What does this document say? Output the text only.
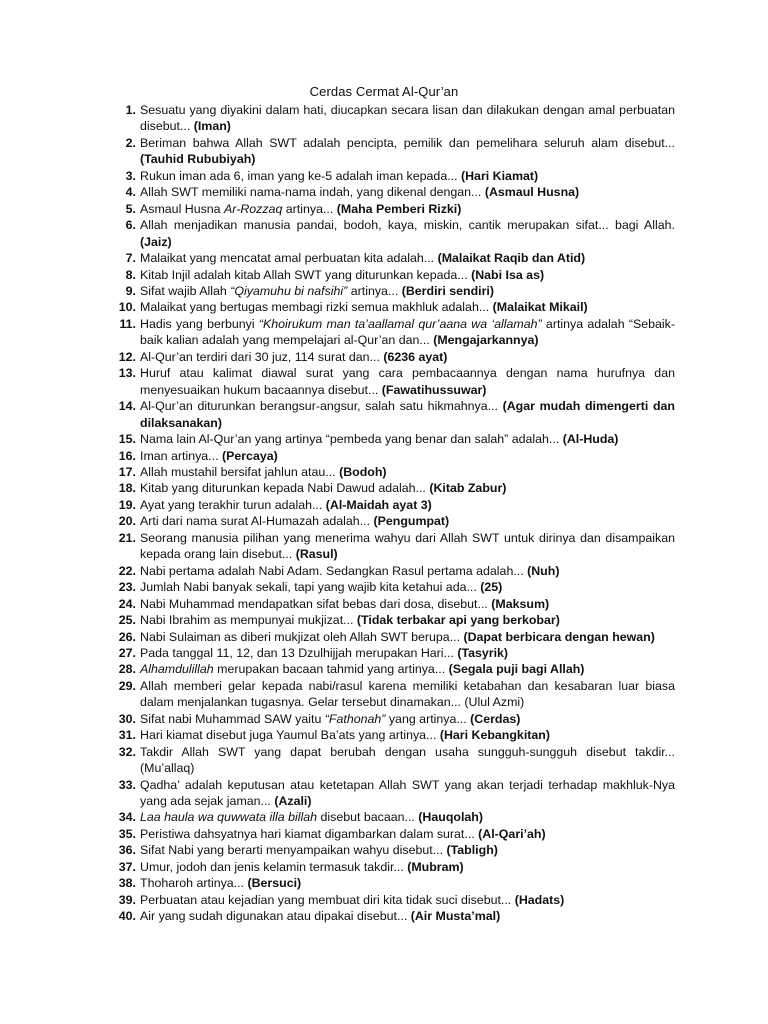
Cerdas Cermat Al-Qur’an
1. Sesuatu yang diyakini dalam hati, diucapkan secara lisan dan dilakukan dengan amal perbuatan disebut... (Iman)
2. Beriman bahwa Allah SWT adalah pencipta, pemilik dan pemelihara seluruh alam disebut... (Tauhid Rububiyah)
3. Rukun iman ada 6, iman yang ke-5 adalah iman kepada... (Hari Kiamat)
4. Allah SWT memiliki nama-nama indah, yang dikenal dengan... (Asmaul Husna)
5. Asmaul Husna Ar-Rozzaq artinya... (Maha Pemberi Rizki)
6. Allah menjadikan manusia pandai, bodoh, kaya, miskin, cantik merupakan sifat... bagi Allah. (Jaiz)
7. Malaikat yang mencatat amal perbuatan kita adalah... (Malaikat Raqib dan Atid)
8. Kitab Injil adalah kitab Allah SWT yang diturunkan kepada... (Nabi Isa as)
9. Sifat wajib Allah “Qiyamuhu bi nafsihi” artinya... (Berdiri sendiri)
10. Malaikat yang bertugas membagi rizki semua makhluk adalah... (Malaikat Mikail)
11. Hadis yang berbunyi “Khoirukum man ta’aallamal qur’aana wa ‘allamah” artinya adalah “Sebaik-baik kalian adalah yang mempelajari al-Qur’an dan... (Mengajarkannya)
12. Al-Qur’an terdiri dari 30 juz, 114 surat dan... (6236 ayat)
13. Huruf atau kalimat diawal surat yang cara pembacaannya dengan nama hurufnya dan menyesuaikan hukum bacaannya disebut... (Fawatihussuwar)
14. Al-Qur’an diturunkan berangsur-angsur, salah satu hikmahnya... (Agar mudah dimengerti dan dilaksanakan)
15. Nama lain Al-Qur’an yang artinya “pembeda yang benar dan salah” adalah... (Al-Huda)
16. Iman artinya... (Percaya)
17. Allah mustahil bersifat jahlun atau... (Bodoh)
18. Kitab yang diturunkan kepada Nabi Dawud adalah... (Kitab Zabur)
19. Ayat yang terakhir turun adalah... (Al-Maidah ayat 3)
20. Arti dari nama surat Al-Humazah adalah... (Pengumpat)
21. Seorang manusia pilihan yang menerima wahyu dari Allah SWT untuk dirinya dan disampaikan kepada orang lain disebut... (Rasul)
22. Nabi pertama adalah Nabi Adam. Sedangkan Rasul pertama adalah... (Nuh)
23. Jumlah Nabi banyak sekali, tapi yang wajib kita ketahui ada... (25)
24. Nabi Muhammad mendapatkan sifat bebas dari dosa, disebut... (Maksum)
25. Nabi Ibrahim as mempunyai mukjizat... (Tidak terbakar api yang berkobar)
26. Nabi Sulaiman as diberi mukjizat oleh Allah SWT berupa... (Dapat berbicara dengan hewan)
27. Pada tanggal 11, 12, dan 13 Dzulhijjah merupakan Hari... (Tasyrik)
28. Alhamdulillah merupakan bacaan tahmid yang artinya... (Segala puji bagi Allah)
29. Allah memberi gelar kepada nabi/rasul karena memiliki ketabahan dan kesabaran luar biasa dalam menjalankan tugasnya. Gelar tersebut dinamakan... (Ulul Azmi)
30. Sifat nabi Muhammad SAW yaitu “Fathonah” yang artinya... (Cerdas)
31. Hari kiamat disebut juga Yaumul Ba’ats yang artinya... (Hari Kebangkitan)
32. Takdir Allah SWT yang dapat berubah dengan usaha sungguh-sungguh disebut takdir... (Mu’allaq)
33. Qadha’ adalah keputusan atau ketetapan Allah SWT yang akan terjadi terhadap makhluk-Nya yang ada sejak jaman... (Azali)
34. Laa haula wa quwwata illa billah disebut bacaan... (Hauqolah)
35. Peristiwa dahsyatnya hari kiamat digambarkan dalam surat... (Al-Qari’ah)
36. Sifat Nabi yang berarti menyampaikan wahyu disebut... (Tabligh)
37. Umur, jodoh dan jenis kelamin termasuk takdir... (Mubram)
38. Thoharoh artinya... (Bersuci)
39. Perbuatan atau kejadian yang membuat diri kita tidak suci disebut... (Hadats)
40. Air yang sudah digunakan atau dipakai disebut... (Air Musta’mal)
